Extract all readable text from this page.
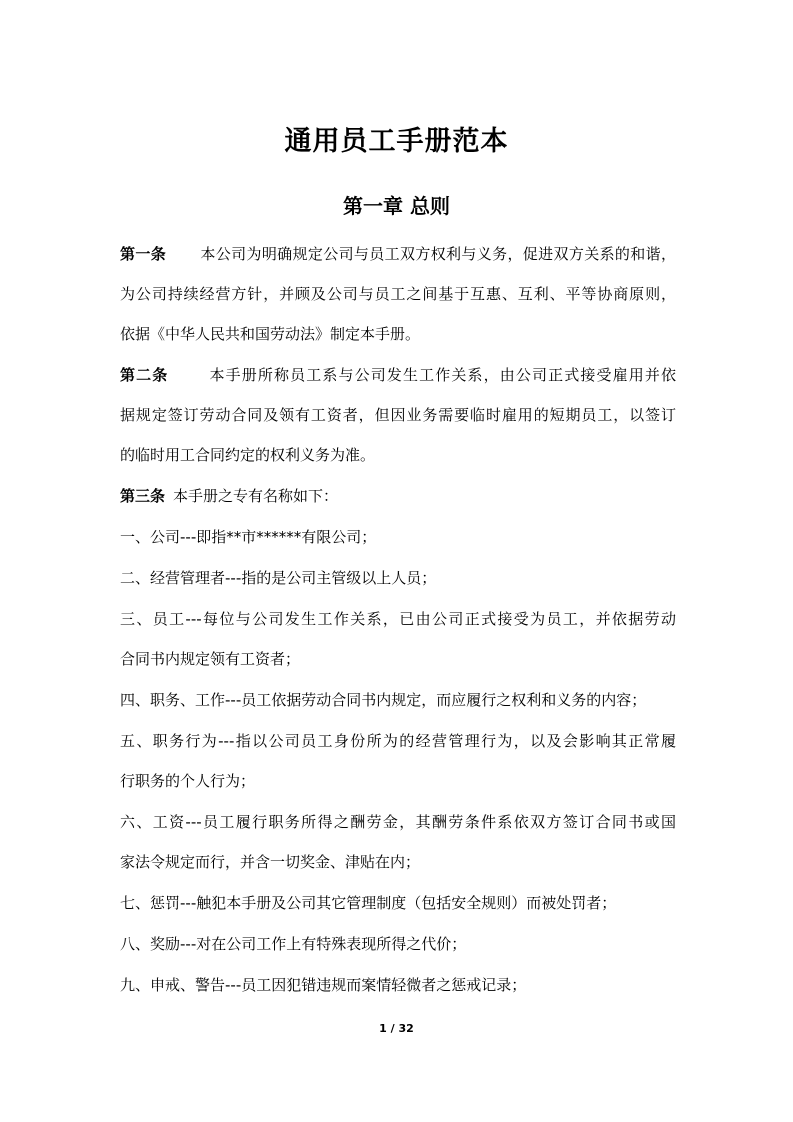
通用员工手册范本
第一章 总则
第一条 本公司为明确规定公司与员工双方权利与义务，促进双方关系的和谐，
为公司持续经营方针，并顾及公司与员工之间基于互惠、互利、平等协商原则，
依据《中华人民共和国劳动法》制定本手册。
第二条	本手册所称员工系与公司发生工作关系，由公司正式接受雇用并依
据规定签订劳动合同及领有工资者，但因业务需要临时雇用的短期员工，以签订
的临时用工合同约定的权利义务为准。
第三条 本手册之专有名称如下：
一、公司---即指**市******有限公司；
二、经营管理者---指的是公司主管级以上人员；
三、员工---每位与公司发生工作关系，已由公司正式接受为员工，并依据劳动
合同书内规定领有工资者；
四、职务、工作---员工依据劳动合同书内规定，而应履行之权利和义务的内容；
五、职务行为---指以公司员工身份所为的经营管理行为，以及会影响其正常履
行职务的个人行为；
六、工资---员工履行职务所得之酬劳金，其酬劳条件系依双方签订合同书或国
家法令规定而行，并含一切奖金、津贴在内；
七、惩罚---触犯本手册及公司其它管理制度（包括安全规则）而被处罚者；
八、奖励---对在公司工作上有特殊表现所得之代价；
九、申戒、警告---员工因犯错违规而案情轻微者之惩戒记录；
1 / 32
